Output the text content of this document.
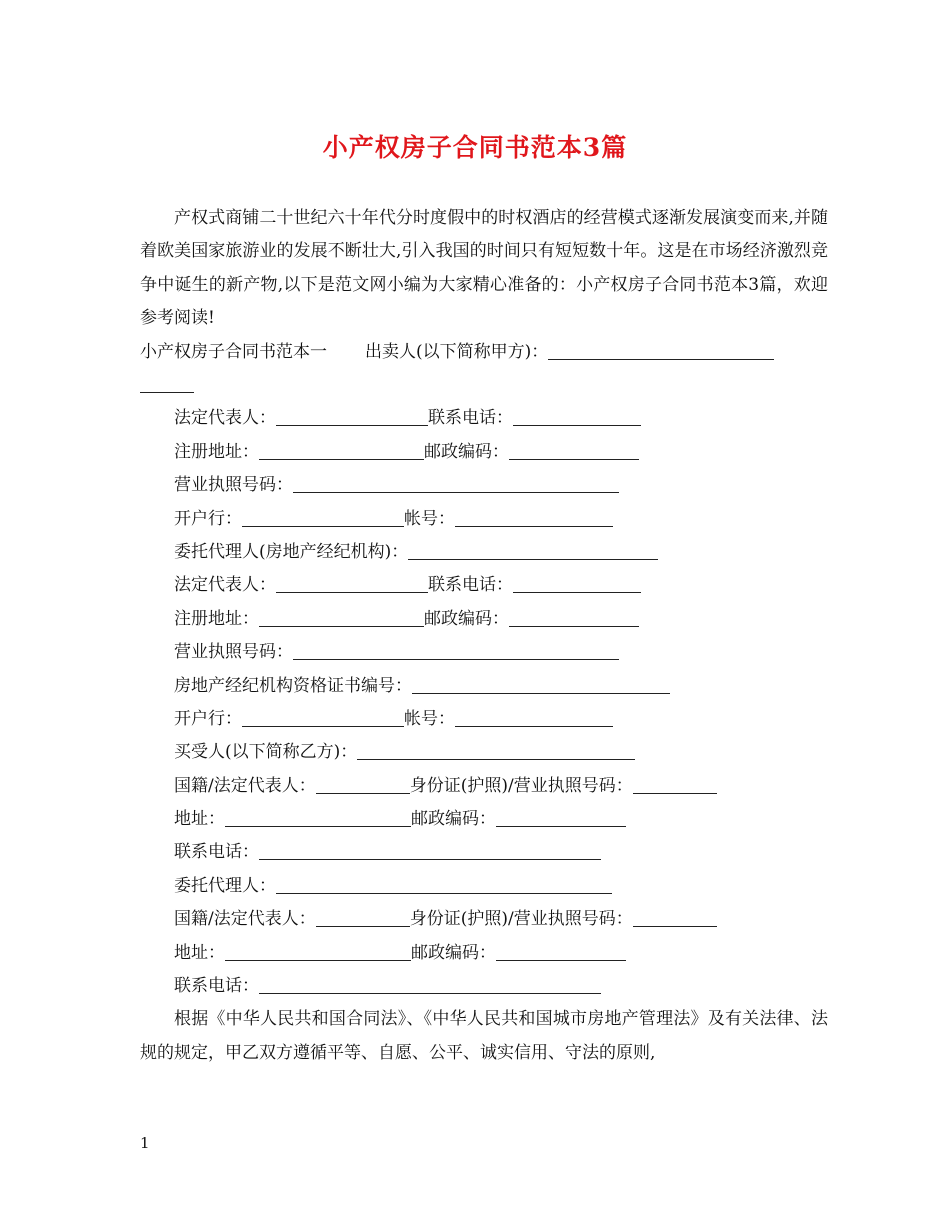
小产权房子合同书范本3篇

产权式商铺二十世纪六十年代分时度假中的时权酒店的经营模式逐渐发展演变而来,并随着欧美国家旅游业的发展不断壮大,引入我国的时间只有短短数十年。这是在市场经济激烈竞争中诞生的新产物,以下是范文网小编为大家精心准备的：小产权房子合同书范本3篇，欢迎参考阅读!

小产权房子合同书范本一 出卖人(以下简称甲方)：
法定代表人：	联系电话：
注册地址：	邮政编码：
营业执照号码：
开户行：	帐号：
委托代理人(房地产经纪机构)：
法定代表人：	联系电话：
注册地址：	邮政编码：
营业执照号码：
房地产经纪机构资格证书编号：
开户行：	帐号：
买受人(以下简称乙方)：
国籍/法定代表人：	身份证(护照)/营业执照号码：
地址：	邮政编码：
联系电话：
委托代理人：
国籍/法定代表人：	身份证(护照)/营业执照号码：
地址：	邮政编码：
联系电话：

根据《中华人民共和国合同法》、《中华人民共和国城市房地产管理法》及有关法律、法规的规定，甲乙双方遵循平等、自愿、公平、诚实信用、守法的原则,

1
